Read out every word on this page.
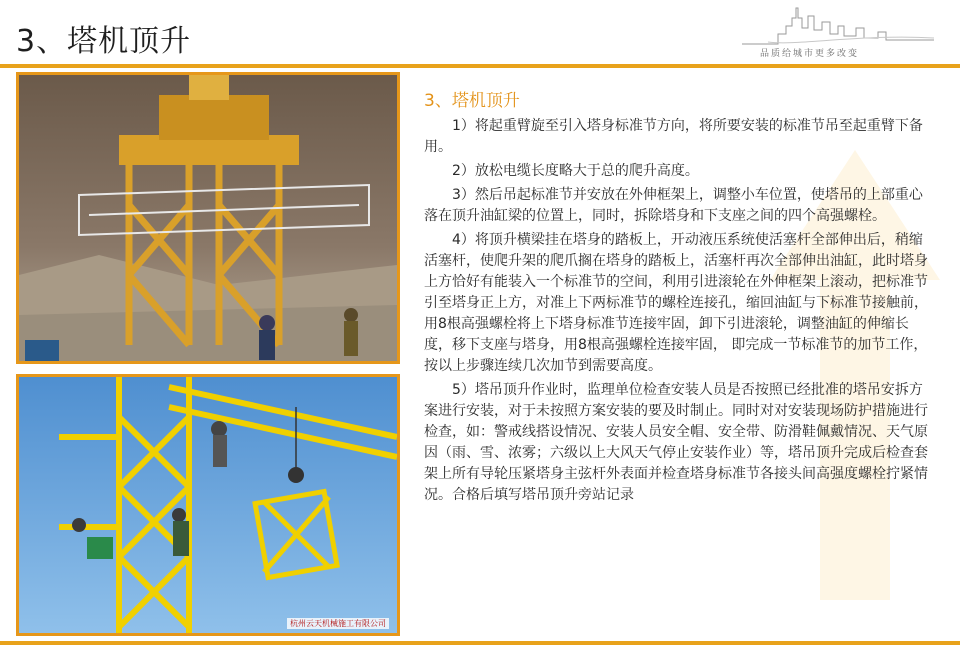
3、塔机顶升	品质给城市更多改变
杭州云天机械施工有限公司
3、塔机顶升

1）将起重臂旋至引入塔身标准节方向，将所要安装的标准节吊至起重臂下备用。

2）放松电缆长度略大于总的爬升高度。

3）然后吊起标准节并安放在外伸框架上，调整小车位置，使塔吊的上部重心落在顶升油缸梁的位置上，同时，拆除塔身和下支座之间的四个高强螺栓。

4）将顶升横梁挂在塔身的踏板上，开动液压系统使活塞杆全部伸出后，稍缩活塞杆，使爬升架的爬爪搁在塔身的踏板上，活塞杆再次全部伸出油缸，此时塔身上方恰好有能装入一个标准节的空间，利用引进滚轮在外伸框架上滚动，把标准节引至塔身正上方，对准上下两标准节的螺栓连接孔，缩回油缸与下标准节接触前，用8根高强螺栓将上下塔身标准节连接牢固，卸下引进滚轮，调整油缸的伸缩长度，移下支座与塔身，用8根高强螺栓连接牢固， 即完成一节标准节的加节工作，按以上步骤连续几次加节到需要高度。

5）塔吊顶升作业时，监理单位检查安装人员是否按照已经批准的塔吊安拆方案进行安装，对于未按照方案安装的要及时制止。同时对对安装现场防护措施进行检查，如：警戒线搭设情况、安装人员安全帽、安全带、防滑鞋佩戴情况、天气原因（雨、雪、浓雾；六级以上大风天气停止安装作业）等，塔吊顶升完成后检查套架上所有导轮压紧塔身主弦杆外表面并检查塔身标准节各接头间高强度螺栓拧紧情况。合格后填写塔吊顶升旁站记录
